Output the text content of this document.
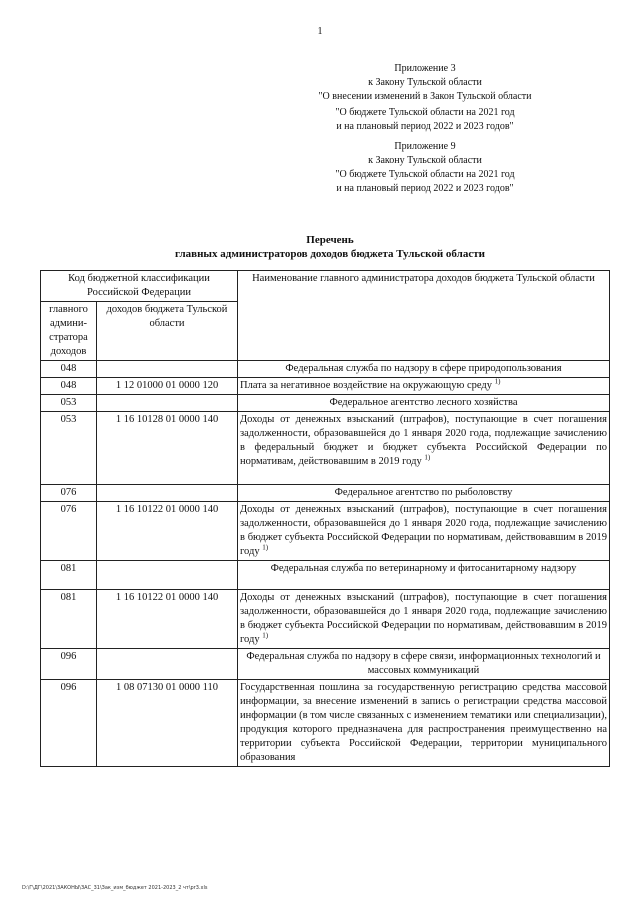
1
Приложение 3
к Закону Тульской области
"О внесении изменений в Закон Тульской области
"О бюджете Тульской области на 2021 год
и на плановый период 2022 и 2023 годов"
Приложение 9
к Закону Тульской области
"О бюджете Тульской области на 2021 год
и на плановый период 2022 и 2023 годов"
Перечень
главных администраторов доходов бюджета Тульской области
Код бюджетной классификации Российской Федерации		Наименование главного администратора доходов бюджета Тульской области
главного админи-стратора доходов	доходов бюджета Тульской области	
048		Федеральная служба по надзору в сфере природопользования
048	1 12 01000 01 0000 120	Плата за негативное воздействие на окружающую среду $^{1)}$
053		Федеральное агентство лесного хозяйства
053	1 16 10128 01 0000 140	Доходы от денежных взысканий (штрафов), поступающие в счет погашения задолженности, образовавшейся до 1 января 2020 года, подлежащие зачислению в федеральный бюджет и бюджет субъекта Российской Федерации по нормативам, действовавшим в 2019 году $^{1)}$
076		Федеральное агентство по рыболовству
076	1 16 10122 01 0000 140	Доходы от денежных взысканий (штрафов), поступающие в счет погашения задолженности, образовавшейся до 1 января 2020 года, подлежащие зачислению в бюджет субъекта Российской Федерации по нормативам, действовавшим в 2019 году $^{1)}$
081		Федеральная служба по ветеринарному и фитосанитарному надзору
081	1 16 10122 01 0000 140	Доходы от денежных взысканий (штрафов), поступающие в счет погашения задолженности, образовавшейся до 1 января 2020 года, подлежащие зачислению в бюджет субъекта Российской Федерации по нормативам, действовавшим в 2019 году $^{1)}$
096		Федеральная служба по надзору в сфере связи, информационных технологий и массовых коммуникаций
096	1 08 07130 01 0000 110	Государственная пошлина за государственную регистрацию средства массовой информации, за внесение изменений в запись о регистрации средства массовой информации (в том числе связанных с изменением тематики или специализации), продукция которого предназначена для распространения преимущественно на территории субъекта Российской Федерации, территории муниципального образования
D:\Г\ДГ\2021\ЗАКОНЫ\ЗАС_31\Зак_изм_бюджет 2021-2023_2 чт\pr3.xls
